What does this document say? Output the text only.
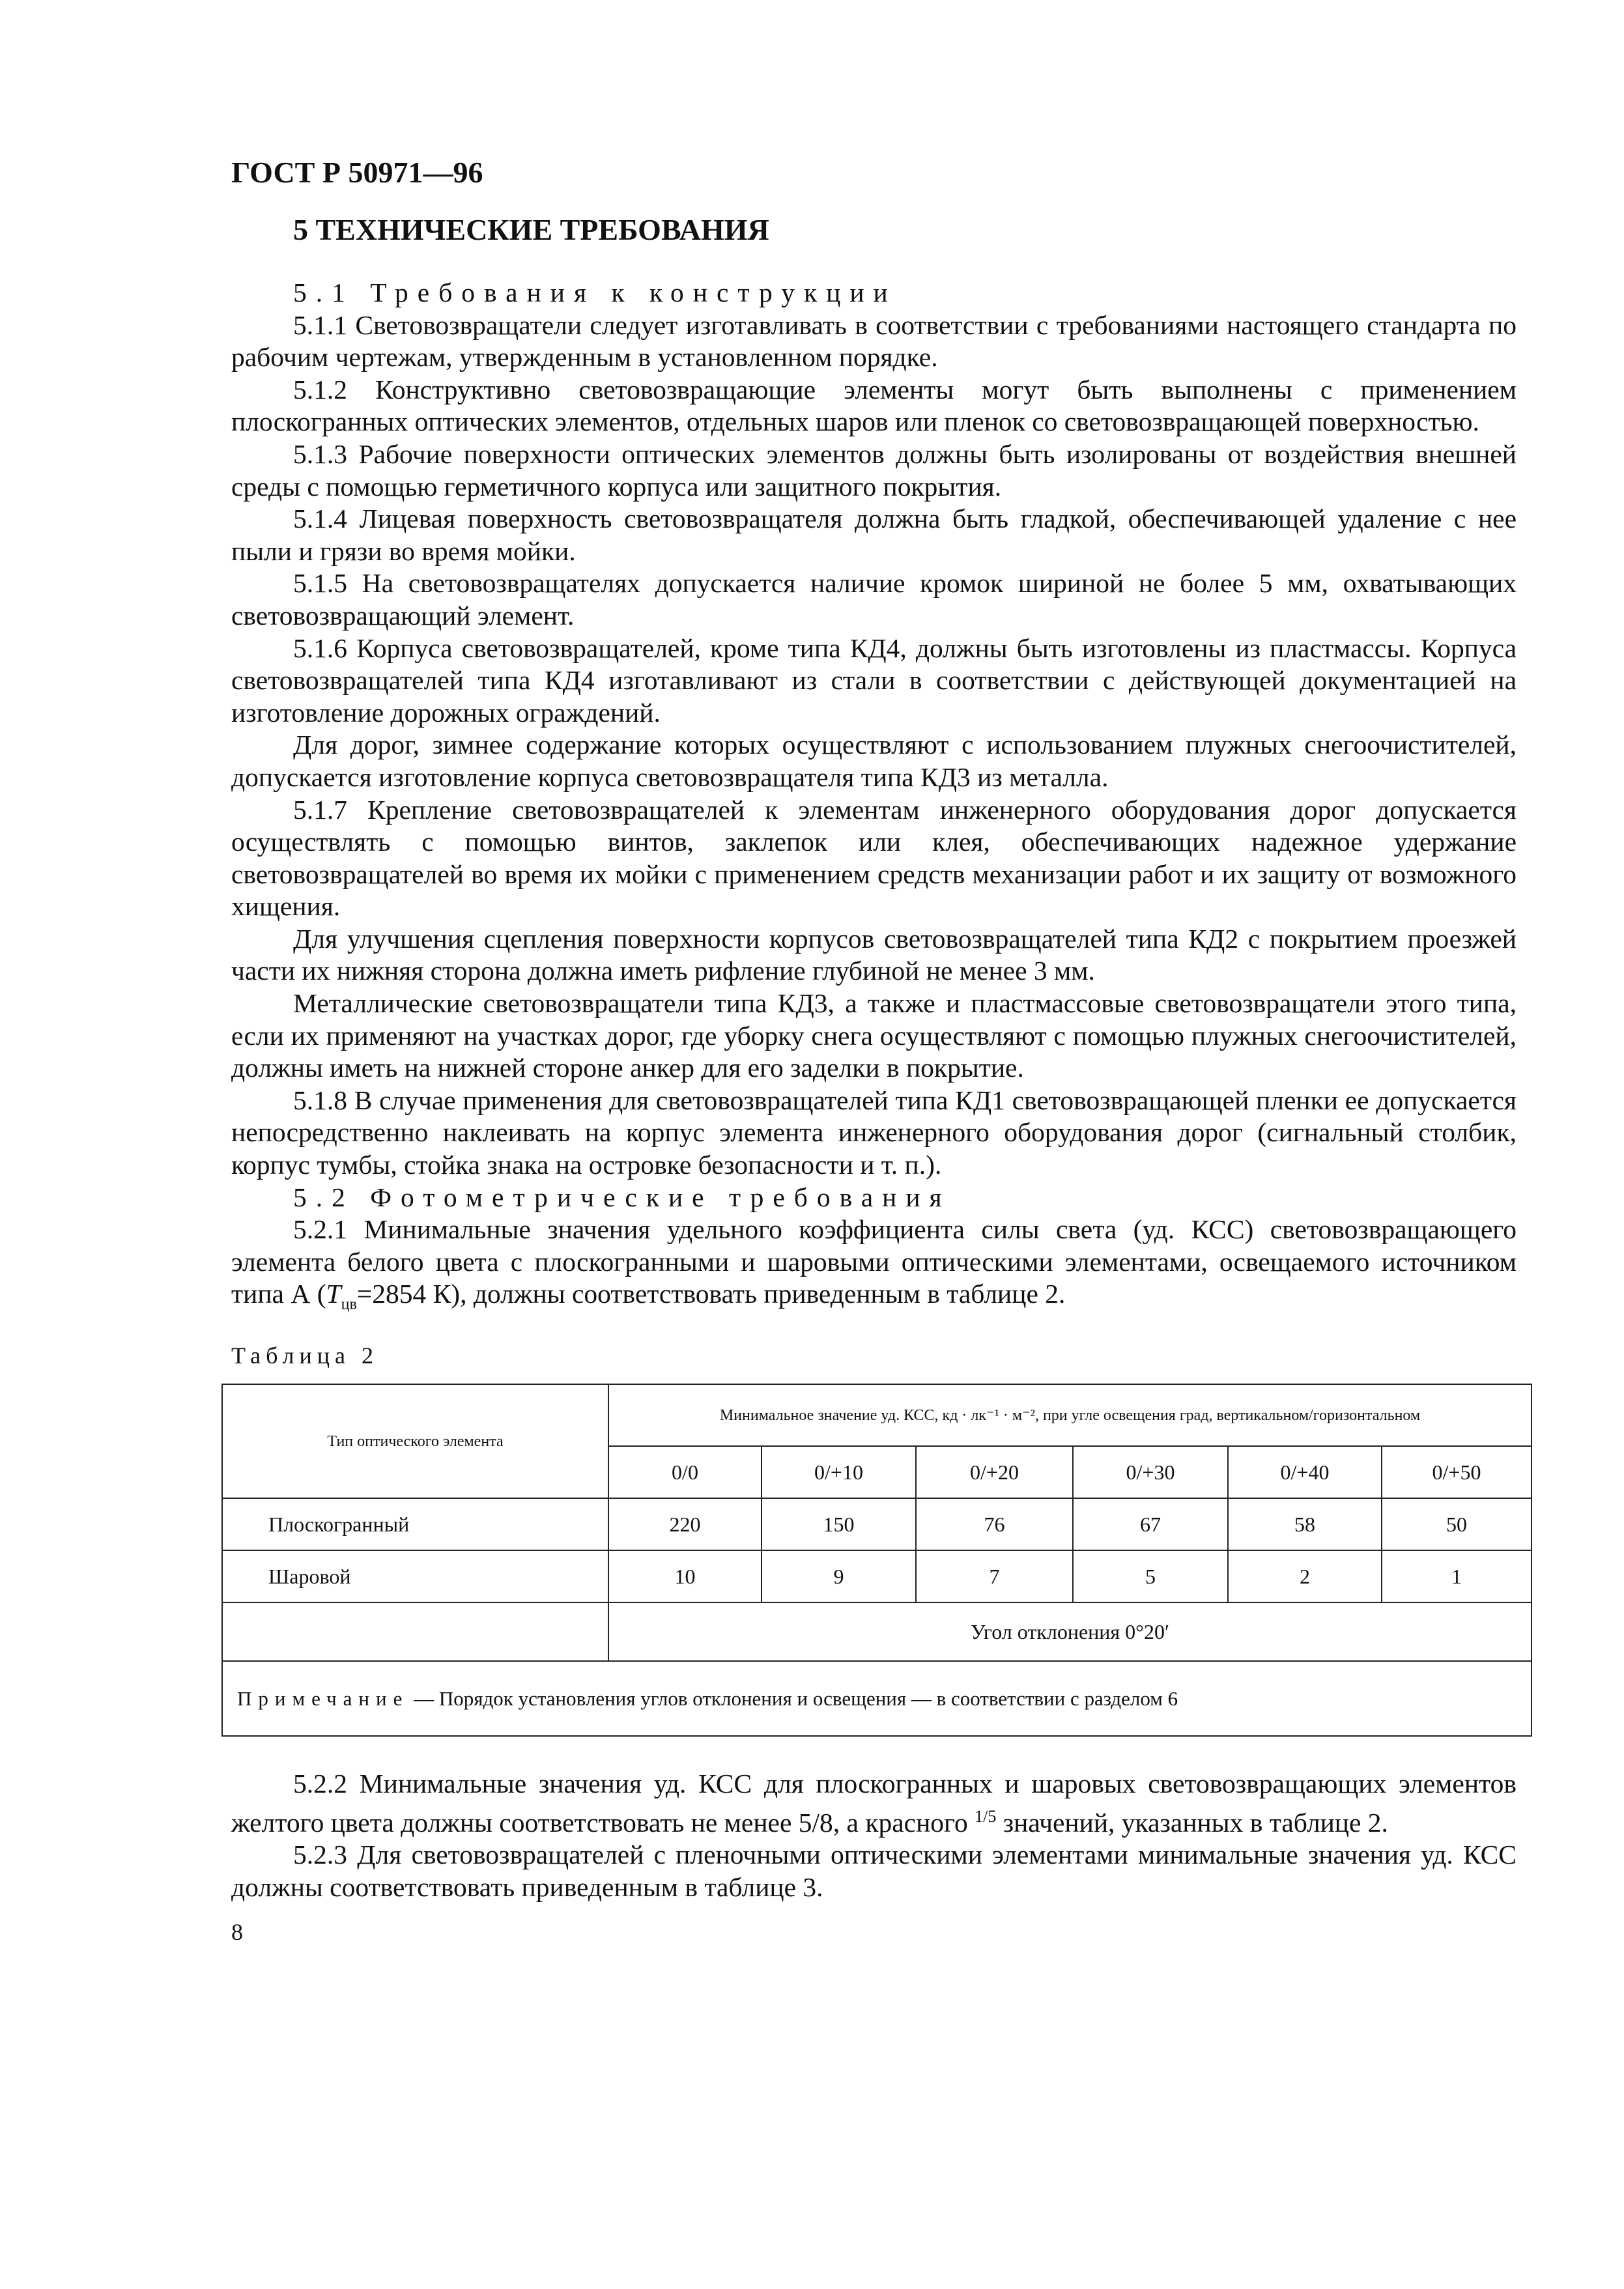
ГОСТ Р 50971—96
5 ТЕХНИЧЕСКИЕ ТРЕБОВАНИЯ

5.1 Требования к конструкции

5.1.1 Световозвращатели следует изготавливать в соответствии с требованиями настоящего стандарта по рабочим чертежам, утвержденным в установленном порядке.

5.1.2 Конструктивно световозвращающие элементы могут быть выполнены с применением плоскогранных оптических элементов, отдельных шаров или пленок со световозвращающей поверхностью.

5.1.3 Рабочие поверхности оптических элементов должны быть изолированы от воздействия внешней среды с помощью герметичного корпуса или защитного покрытия.

5.1.4 Лицевая поверхность световозвращателя должна быть гладкой, обеспечивающей удаление с нее пыли и грязи во время мойки.

5.1.5 На световозвращателях допускается наличие кромок шириной не более 5 мм, охватывающих световозвращающий элемент.

5.1.6 Корпуса световозвращателей, кроме типа КД4, должны быть изготовлены из пластмассы. Корпуса световозвращателей типа КД4 изготавливают из стали в соответствии с действующей документацией на изготовление дорожных ограждений.

Для дорог, зимнее содержание которых осуществляют с использованием плужных снегоочистителей, допускается изготовление корпуса световозвращателя типа КД3 из металла.

5.1.7 Крепление световозвращателей к элементам инженерного оборудования дорог допускается осуществлять с помощью винтов, заклепок или клея, обеспечивающих надежное удержание световозвращателей во время их мойки с применением средств механизации работ и их защиту от возможного хищения.

Для улучшения сцепления поверхности корпусов световозвращателей типа КД2 с покрытием проезжей части их нижняя сторона должна иметь рифление глубиной не менее 3 мм.

Металлические световозвращатели типа КД3, а также и пластмассовые световозвращатели этого типа, если их применяют на участках дорог, где уборку снега осуществляют с помощью плужных снегоочистителей, должны иметь на нижней стороне анкер для его заделки в покрытие.

5.1.8 В случае применения для световозвращателей типа КД1 световозвращающей пленки ее допускается непосредственно наклеивать на корпус элемента инженерного оборудования дорог (сигнальный столбик, корпус тумбы, стойка знака на островке безопасности и т. п.).

5.2 Фотометрические требования

5.2.1 Минимальные значения удельного коэффициента силы света (уд. КСС) световозвращающего элемента белого цвета с плоскогранными и шаровыми оптическими элементами, освещаемого источником типа А ($T_{цв}=2854$ К), должны соответствовать приведенным в таблице 2.

Таблица 2
Тип оптического элемента	Минимальное значение уд. КСС, кд · лк⁻¹ · м⁻², при угле освещения град, вертикальном/горизонтальном					
	0/0	0/+10	0/+20	0/+30	0/+40	0/+50
Плоскогранный	220	150	76	67	58	50
Шаровой	10	9	7	5	2	1
	Угол отклонения 0°20′					
Примечание — Порядок установления углов отклонения и освещения — в соответствии с разделом 6						

5.2.2 Минимальные значения уд. КСС для плоскогранных и шаровых световозвращающих элементов желтого цвета должны соответствовать не менее 5/8, а красного $^{1/5}$ значений, указанных в таблице 2.

5.2.3 Для световозвращателей с пленочными оптическими элементами минимальные значения уд. КСС должны соответствовать приведенным в таблице 3.

8
